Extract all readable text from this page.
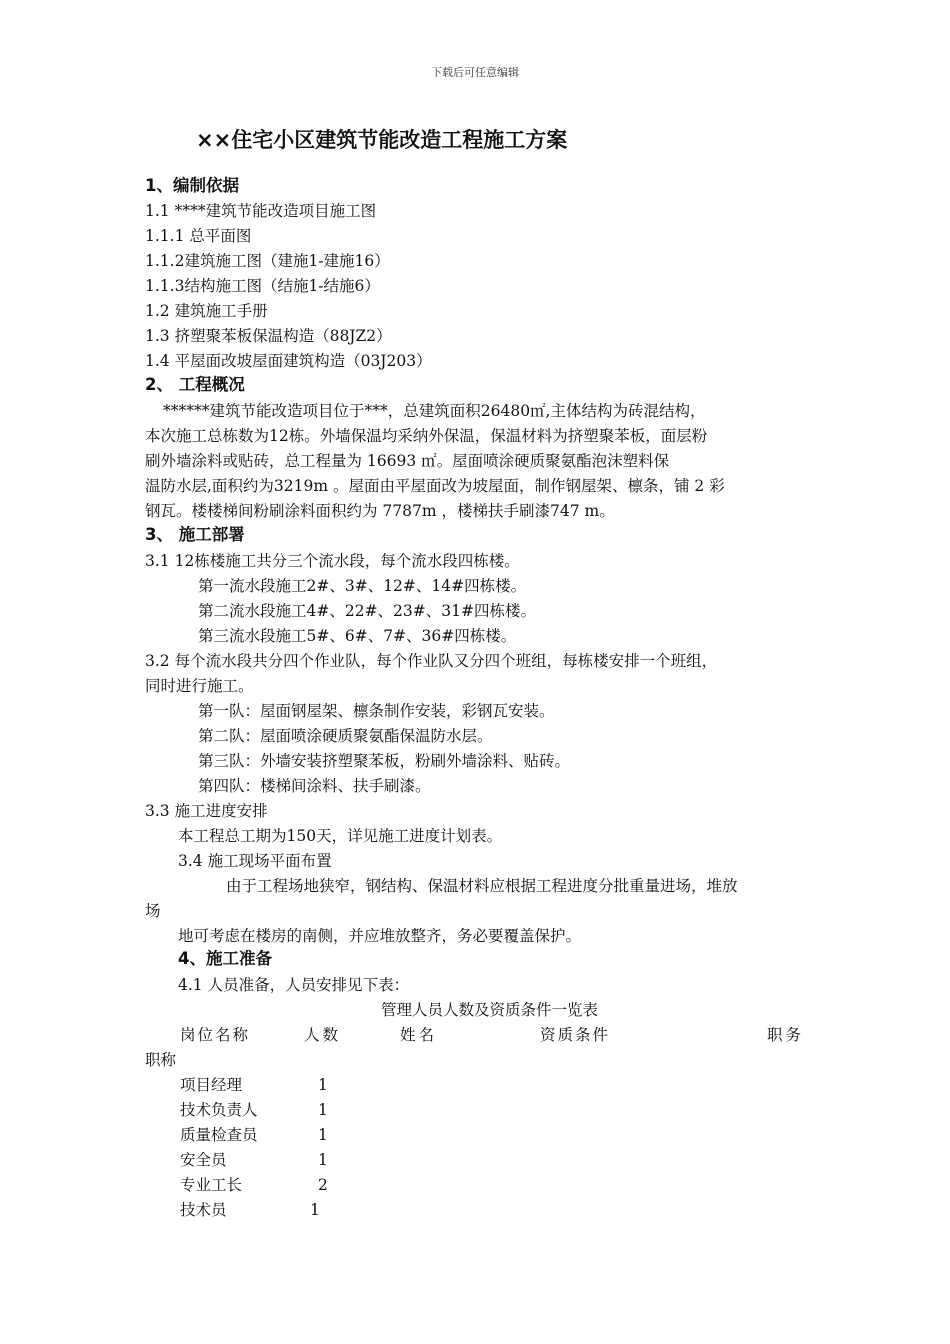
下载后可任意编辑
××住宅小区建筑节能改造工程施工方案
1、编制依据
1.1 ****建筑节能改造项目施工图
1.1.1 总平面图
1.1.2建筑施工图（建施1-建施16）
1.1.3结构施工图（结施1-结施6）
1.2 建筑施工手册
1.3 挤塑聚苯板保温构造（88JZ2）
1.4 平屋面改坡屋面建筑构造（03J203）
2、 工程概况
******建筑节能改造项目位于***，总建筑面积26480㎡,主体结构为砖混结构，
本次施工总栋数为12栋。外墙保温均采纳外保温，保温材料为挤塑聚苯板，面层粉
刷外墙涂料或贴砖，总工程量为 16693 ㎡。屋面喷涂硬质聚氨酯泡沫塑料保
温防水层,面积约为3219m 。屋面由平屋面改为坡屋面，制作钢屋架、檩条，铺 2 彩
钢瓦。楼楼梯间粉刷涂料面积约为 7787m ，楼梯扶手刷漆747 m。
3、 施工部署
3.1 12栋楼施工共分三个流水段，每个流水段四栋楼。
第一流水段施工2#、3#、12#、14#四栋楼。
第二流水段施工4#、22#、23#、31#四栋楼。
第三流水段施工5#、6#、7#、36#四栋楼。
3.2 每个流水段共分四个作业队，每个作业队又分四个班组，每栋楼安排一个班组，
同时进行施工。
第一队：屋面钢屋架、檩条制作安装，彩钢瓦安装。
第二队：屋面喷涂硬质聚氨酯保温防水层。
第三队：外墙安装挤塑聚苯板，粉刷外墙涂料、贴砖。
第四队：楼梯间涂料、扶手刷漆。
3.3 施工进度安排
本工程总工期为150天，详见施工进度计划表。
3.4 施工现场平面布置
由于工程场地狭窄，钢结构、保温材料应根据工程进度分批重量进场，堆放
场
地可考虑在楼房的南侧，并应堆放整齐，务必要覆盖保护。
4、施工准备
4.1 人员准备，人员安排见下表：
管理人员人数及资质条件一览表
岗位名称	人数	姓名	资质条件	职务
职称
项目经理	1
技术负责人	1
质量检查员	1
安全员	1
专业工长	2
技术员	1
